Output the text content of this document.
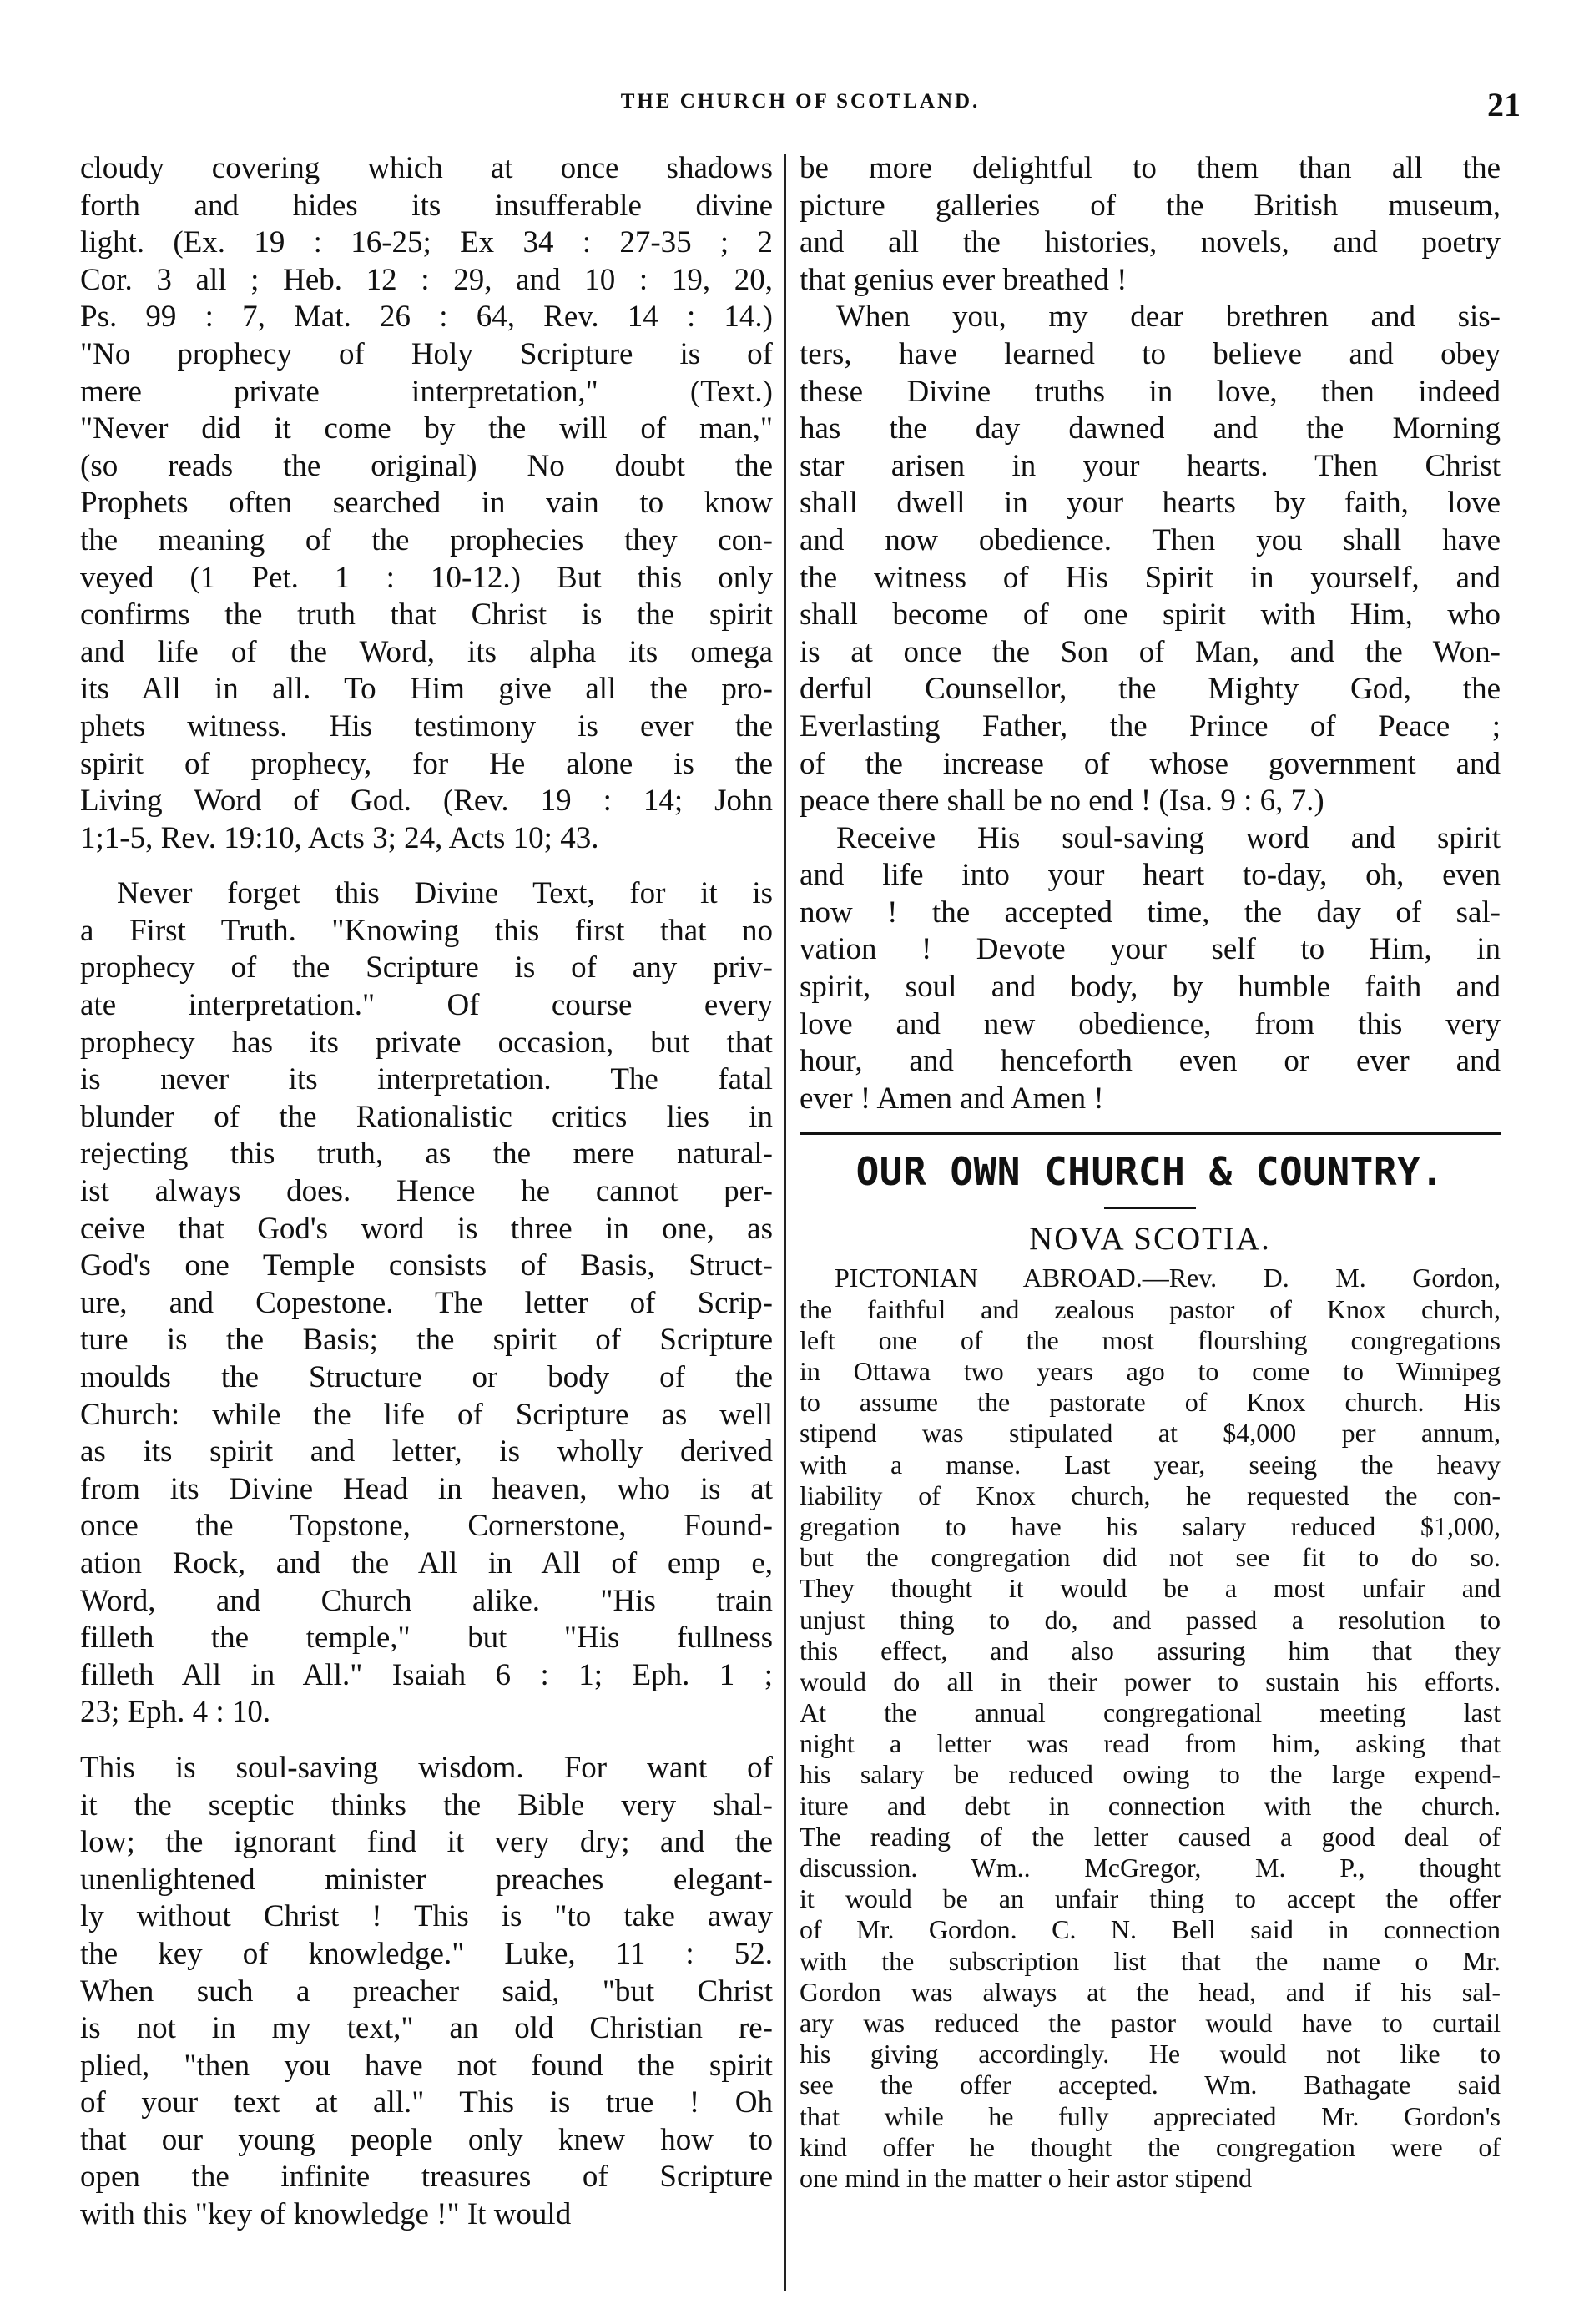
THE CHURCH OF SCOTLAND.	21
cloudy covering which at once shadows
forth and hides its insufferable divine
light. (Ex. 19 : 16-25; Ex 34 : 27-35 ; 2
Cor. 3 all ; Heb. 12 : 29, and 10 : 19, 20,
Ps. 99 : 7, Mat. 26 : 64, Rev. 14 : 14.)
"No prophecy of Holy Scripture is of
mere private interpretation," (Text.)
"Never did it come by the will of man,"
(so reads the original) No doubt the
Prophets often searched in vain to know
the meaning of the prophecies they con-
veyed (1 Pet. 1 : 10-12.) But this only
confirms the truth that Christ is the spirit
and life of the Word, its alpha its omega
its All in all. To Him give all the pro-
phets witness. His testimony is ever the
spirit of prophecy, for He alone is the
Living Word of God. (Rev. 19 : 14; John
1;1-5, Rev. 19:10, Acts 3; 24, Acts 10; 43.
Never forget this Divine Text, for it is
a First Truth. "Knowing this first that no
prophecy of the Scripture is of any priv-
ate interpretation." Of course every
prophecy has its private occasion, but that
is never its interpretation. The fatal
blunder of the Rationalistic critics lies in
rejecting this truth, as the mere natural-
ist always does. Hence he cannot per-
ceive that God's word is three in one, as
God's one Temple consists of Basis, Struct-
ure, and Copestone. The letter of Scrip-
ture is the Basis; the spirit of Scripture
moulds the Structure or body of the
Church: while the life of Scripture as well
as its spirit and letter, is wholly derived
from its Divine Head in heaven, who is at
once the Topstone, Cornerstone, Found-
ation Rock, and the All in All of emp e,
Word, and Church alike. "His train
filleth the temple," but "His fullness
filleth All in All." Isaiah 6 : 1; Eph. 1 ;
23; Eph. 4 : 10.
This is soul-saving wisdom. For want of
it the sceptic thinks the Bible very shal-
low; the ignorant find it very dry; and the
unenlightened minister preaches elegant-
ly without Christ ! This is "to take away
the key of knowledge." Luke, 11 : 52.
When such a preacher said, "but Christ
is not in my text," an old Christian re-
plied, "then you have not found the spirit
of your text at all." This is true ! Oh
that our young people only knew how to
open the infinite treasures of Scripture
with this "key of knowledge !" It would
be more delightful to them than all the
picture galleries of the British museum,
and all the histories, novels, and poetry
that genius ever breathed !
When you, my dear brethren and sis-
ters, have learned to believe and obey
these Divine truths in love, then indeed
has the day dawned and the Morning
star arisen in your hearts. Then Christ
shall dwell in your hearts by faith, love
and now obedience. Then you shall have
the witness of His Spirit in yourself, and
shall become of one spirit with Him, who
is at once the Son of Man, and the Won-
derful Counsellor, the Mighty God, the
Everlasting Father, the Prince of Peace ;
of the increase of whose government and
peace there shall be no end ! (Isa. 9 : 6, 7.)
Receive His soul-saving word and spirit
and life into your heart to-day, oh, even
now ! the accepted time, the day of sal-
vation ! Devote your self to Him, in
spirit, soul and body, by humble faith and
love and new obedience, from this very
hour, and henceforth even or ever and
ever ! Amen and Amen !
OUR OWN CHURCH & COUNTRY.
NOVA SCOTIA.
PICTONIAN ABROAD.—Rev. D. M. Gordon,
the faithful and zealous pastor of Knox church,
left one of the most flourshing congregations
in Ottawa two years ago to come to Winnipeg
to assume the pastorate of Knox church. His
stipend was stipulated at $4,000 per annum,
with a manse. Last year, seeing the heavy
liability of Knox church, he requested the con-
gregation to have his salary reduced $1,000,
but the congregation did not see fit to do so.
They thought it would be a most unfair and
unjust thing to do, and passed a resolution to
this effect, and also assuring him that they
would do all in their power to sustain his efforts.
At the annual congregational meeting last
night a letter was read from him, asking that
his salary be reduced owing to the large expend-
iture and debt in connection with the church.
The reading of the letter caused a good deal of
discussion. Wm.. McGregor, M. P., thought
it would be an unfair thing to accept the offer
of Mr. Gordon. C. N. Bell said in connection
with the subscription list that the name o Mr.
Gordon was always at the head, and if his sal-
ary was reduced the pastor would have to curtail
his giving accordingly. He would not like to
see the offer accepted. Wm. Bathagate said
that while he fully appreciated Mr. Gordon's
kind offer he thought the congregation were of
one mind in the matter o heir astor stipend
